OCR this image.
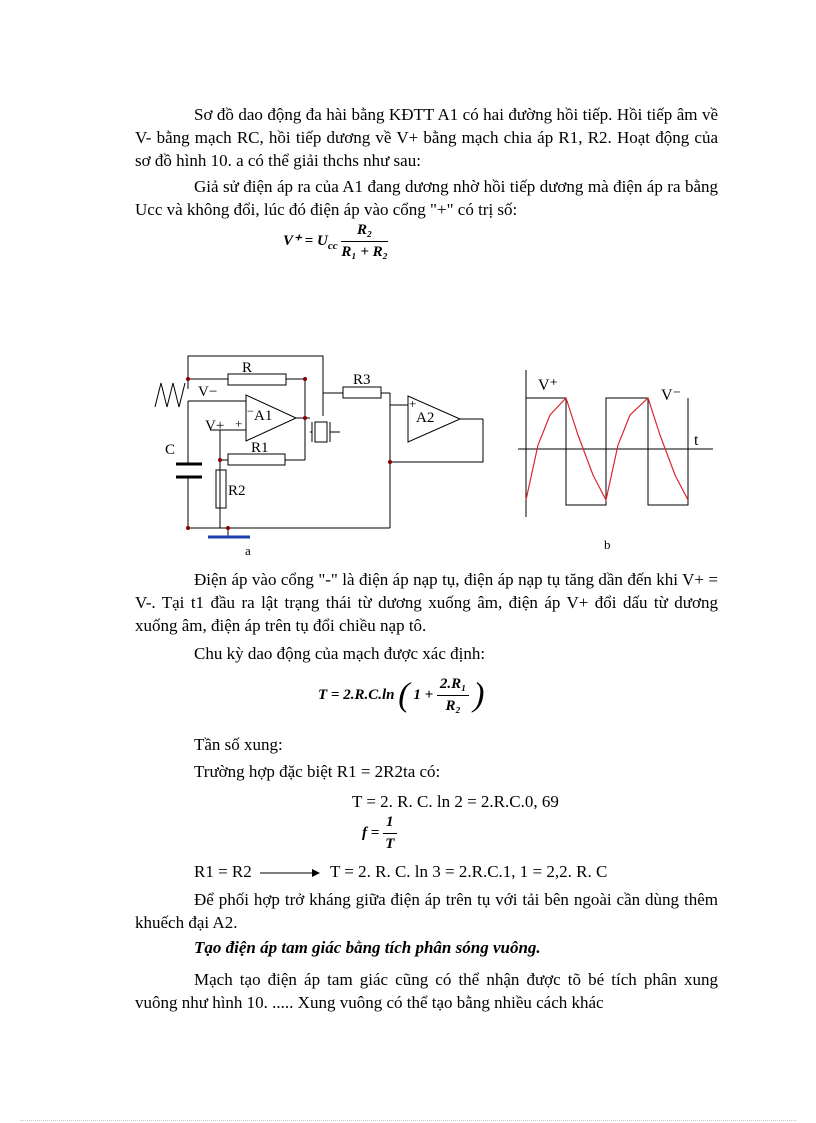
Sơ đồ dao động đa hài bằng KĐTT A1 có hai đường hồi tiếp. Hồi tiếp âm về V- bằng mạch RC, hồi tiếp dương về V+ bằng mạch chia áp R1, R2. Hoạt động của sơ đồ hình 10. a có thể giải thchs như sau:

Giả sử điện áp ra của A1 đang dương nhờ hồi tiếp dương mà điện áp ra bằng Ucc và không đổi, lúc đó điện áp vào cổng "+" có trị số:

$V^+ = U_{cc} \frac{\text{R₂}}{\text{R₁ + R₂}}$
R
V−
− A1
V+ +
C	R1
R2
R3
+
A2
a
V⁺
V⁻
t
b

Điện áp vào cổng "-" là điện áp nạp tụ, điện áp nạp tụ tăng dần đến khi V+ = V-. Tại t1 đầu ra lật trạng thái từ dương xuống âm, điện áp V+ đổi dấu từ dương xuống âm, điện áp trên tụ đổi chiều nạp tô.

Chu kỳ dao động của mạch được xác định:
T = 2.R.C.ln ( $1 + \frac{\text{2.R₁}}{\text{R₂}}$ )
Tần số xung:
Trường hợp đặc biệt R1 = 2R2ta có:
T = 2. R. C. ln 2 = 2.R.C.0, 69
$f = \frac{1}{T}$
R1 = R2	T = 2. R. C. ln 3 = 2.R.C.1, 1 = 2,2. R. C

Để phối hợp trở kháng giữa điện áp trên tụ với tải bên ngoài cần dùng thêm khuếch đại A2.

Tạo điện áp tam giác bằng tích phân sóng vuông.

Mạch tạo điện áp tam giác cũng có thể nhận được tõ bé tích phân xung vuông như hình 10. ..... Xung vuông có thể tạo bằng nhiều cách khác
